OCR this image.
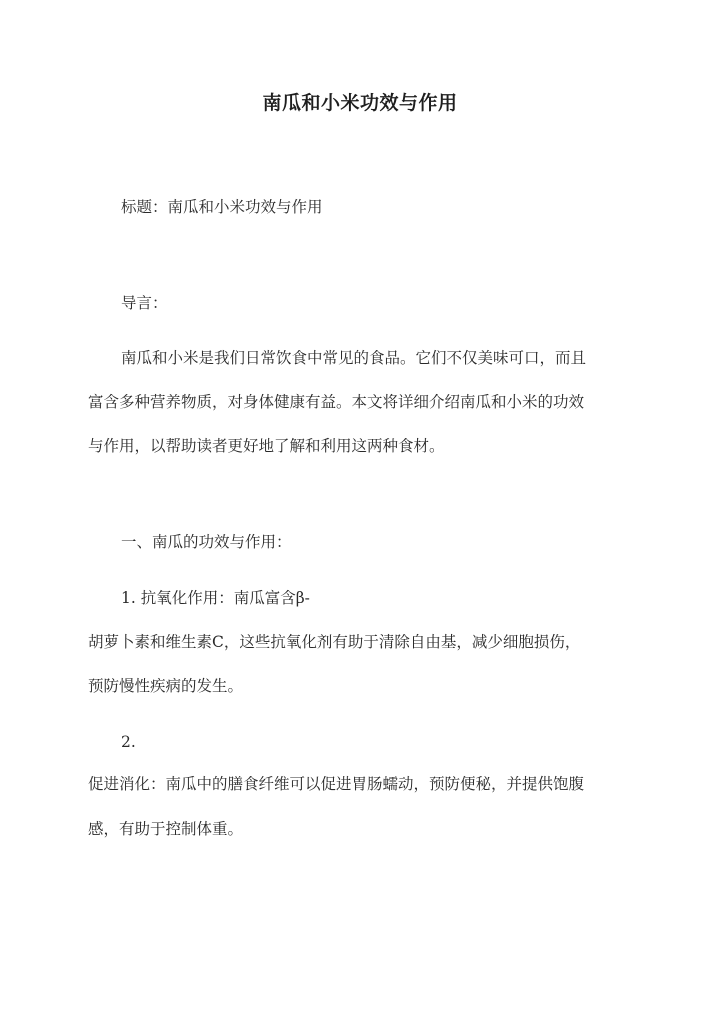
南瓜和小米功效与作用
标题：南瓜和小米功效与作用
导言：
南瓜和小米是我们日常饮食中常见的食品。它们不仅美味可口，而且
富含多种营养物质，对身体健康有益。本文将详细介绍南瓜和小米的功效
与作用，以帮助读者更好地了解和利用这两种食材。
一、南瓜的功效与作用：
1. 抗氧化作用：南瓜富含β-
胡萝卜素和维生素C，这些抗氧化剂有助于清除自由基，减少细胞损伤，
预防慢性疾病的发生。
2.
促进消化：南瓜中的膳食纤维可以促进胃肠蠕动，预防便秘，并提供饱腹
感，有助于控制体重。
